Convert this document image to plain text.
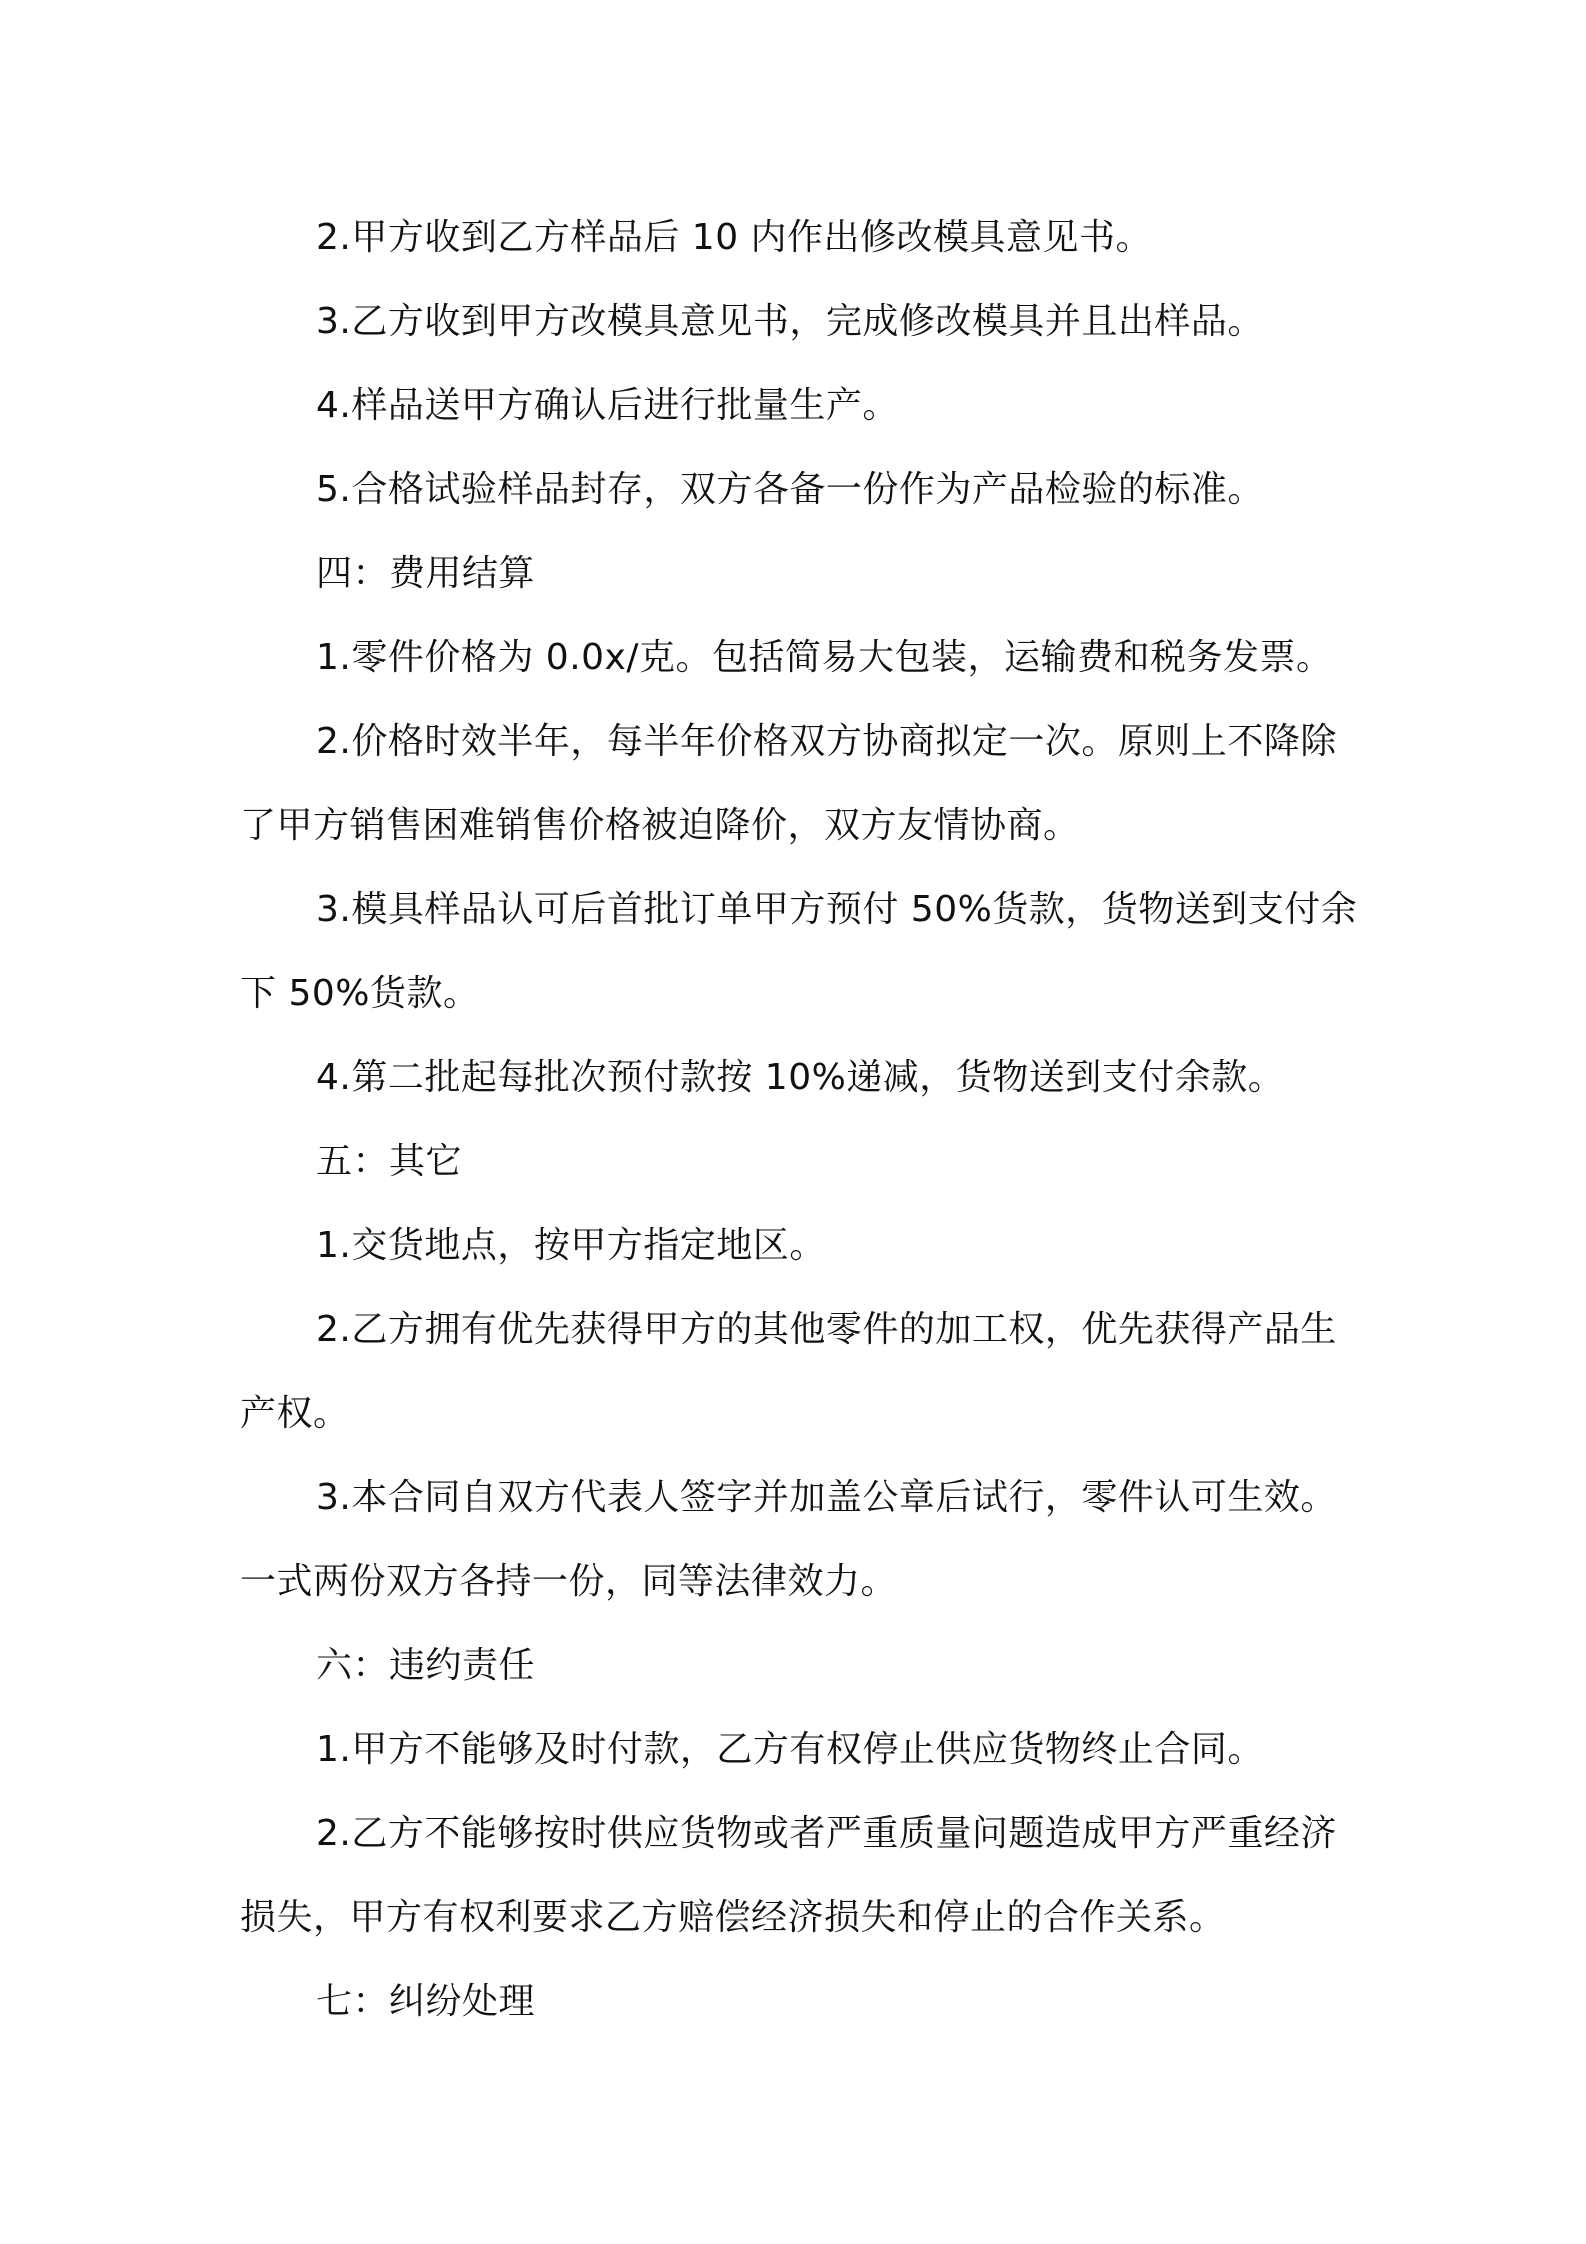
2.甲方收到乙方样品后 10 内作出修改模具意见书。

3.乙方收到甲方改模具意见书，完成修改模具并且出样品。

4.样品送甲方确认后进行批量生产。

5.合格试验样品封存，双方各备一份作为产品检验的标准。

四：费用结算

1.零件价格为 0.0x/克。包括简易大包装，运输费和税务发票。

2.价格时效半年，每半年价格双方协商拟定一次。原则上不降除了甲方销售困难销售价格被迫降价，双方友情协商。

3.模具样品认可后首批订单甲方预付 50%货款，货物送到支付余下 50%货款。

4.第二批起每批次预付款按 10%递减，货物送到支付余款。

五：其它

1.交货地点，按甲方指定地区。

2.乙方拥有优先获得甲方的其他零件的加工权，优先获得产品生产权。

3.本合同自双方代表人签字并加盖公章后试行，零件认可生效。一式两份双方各持一份，同等法律效力。

六：违约责任

1.甲方不能够及时付款，乙方有权停止供应货物终止合同。

2.乙方不能够按时供应货物或者严重质量问题造成甲方严重经济损失，甲方有权利要求乙方赔偿经济损失和停止的合作关系。

七：纠纷处理
